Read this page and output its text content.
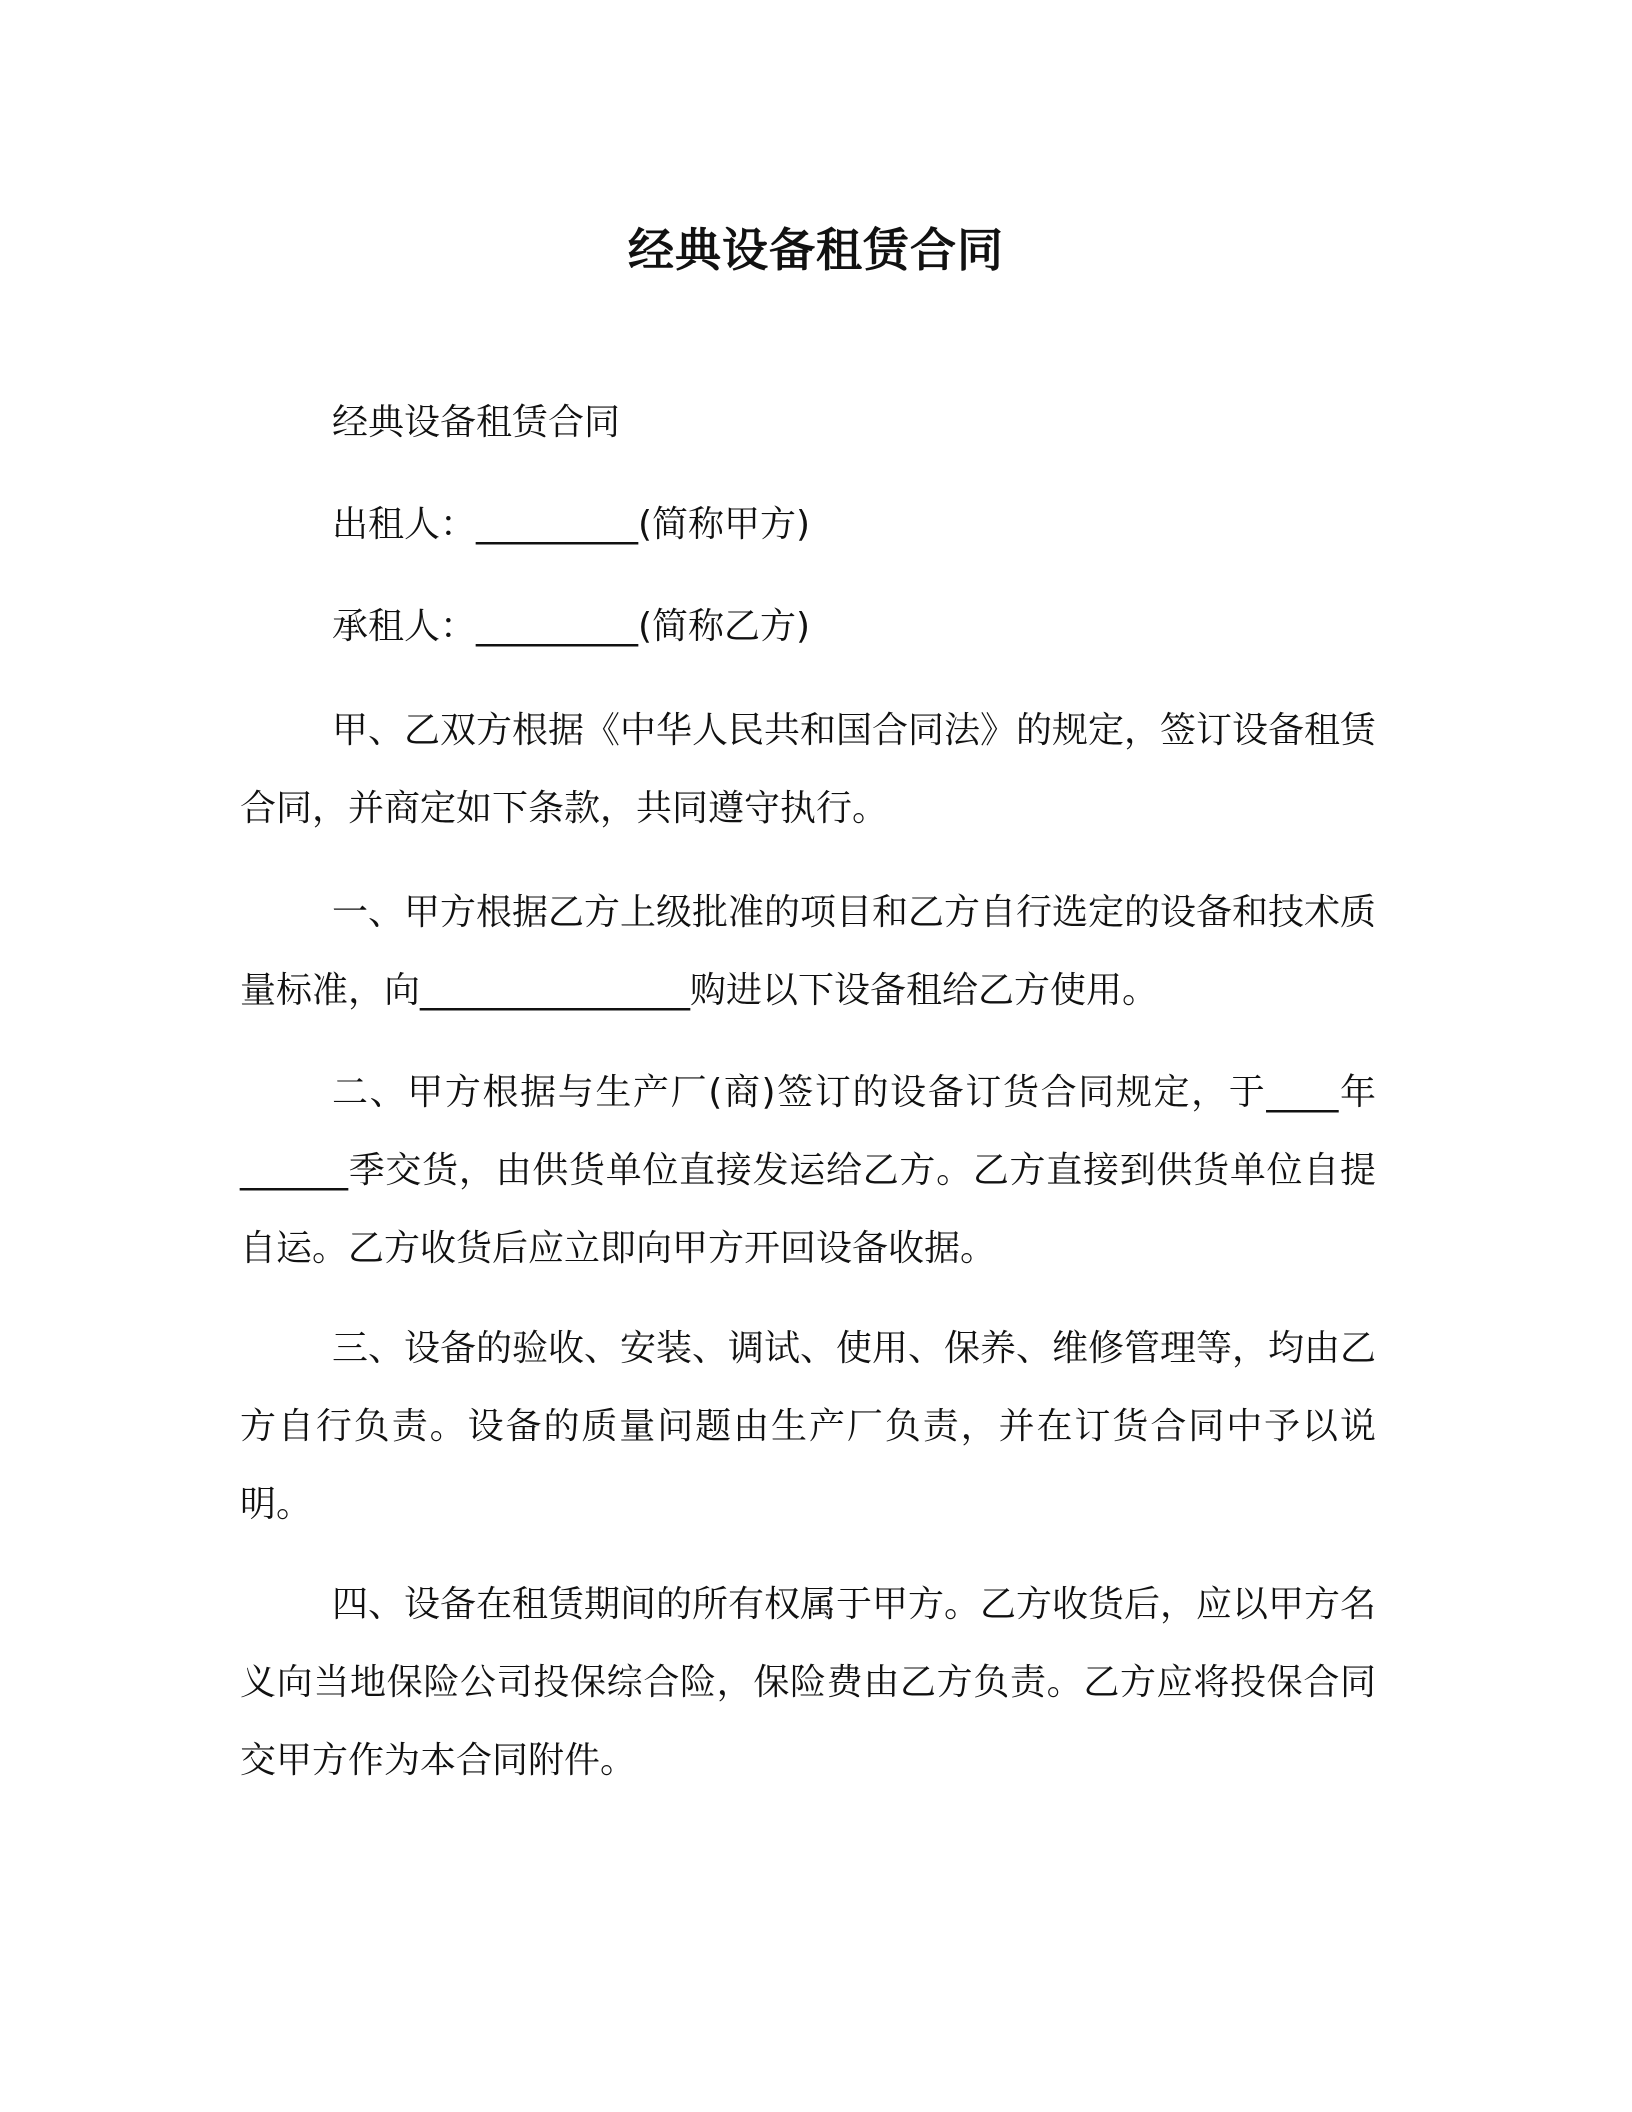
经典设备租赁合同
经典设备租赁合同
出租人：_________(简称甲方)
承租人：_________(简称乙方)
甲、乙双方根据《中华人民共和国合同法》的规定，签订设备租赁合同，并商定如下条款，共同遵守执行。
一、甲方根据乙方上级批准的项目和乙方自行选定的设备和技术质量标准，向_______________购进以下设备租给乙方使用。
二、甲方根据与生产厂(商)签订的设备订货合同规定，于____年______季交货，由供货单位直接发运给乙方。乙方直接到供货单位自提自运。乙方收货后应立即向甲方开回设备收据。
三、设备的验收、安装、调试、使用、保养、维修管理等，均由乙方自行负责。设备的质量问题由生产厂负责，并在订货合同中予以说明。
四、设备在租赁期间的所有权属于甲方。乙方收货后，应以甲方名义向当地保险公司投保综合险，保险费由乙方负责。乙方应将投保合同交甲方作为本合同附件。
